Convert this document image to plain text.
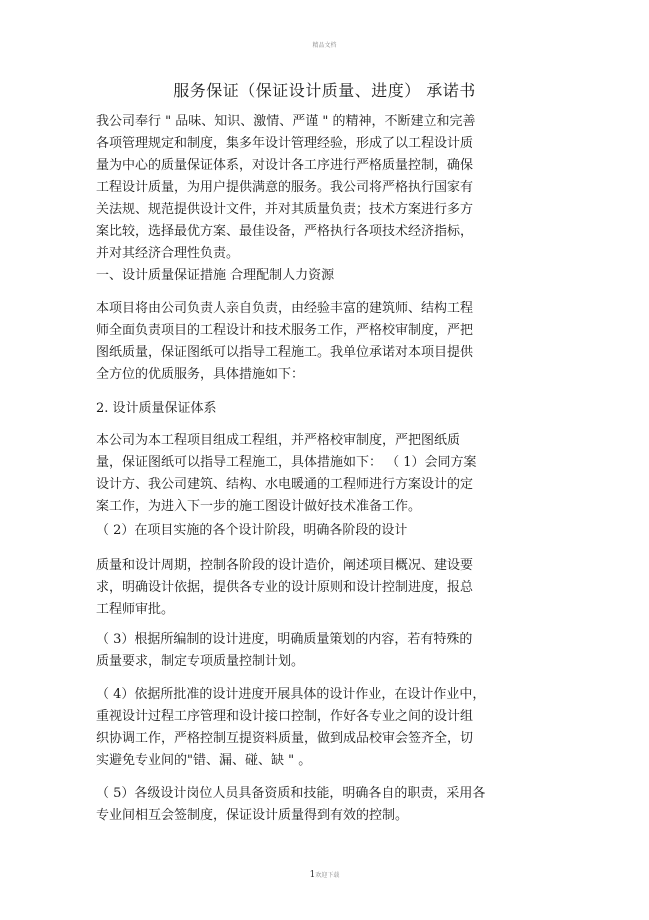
精品文档
服务保证（保证设计质量、进度） 承诺书
我公司奉行 " 品味、知识、激情、严谨 " 的精神，不断建立和完善
各项管理规定和制度，集多年设计管理经验，形成了以工程设计质
量为中心的质量保证体系，对设计各工序进行严格质量控制，确保
工程设计质量，为用户提供满意的服务。我公司将严格执行国家有
关法规、规范提供设计文件，并对其质量负责；技术方案进行多方
案比较，选择最优方案、最佳设备，严格执行各项技术经济指标，
并对其经济合理性负责。
一、设计质量保证措施 合理配制人力资源
本项目将由公司负责人亲自负责，由经验丰富的建筑师、结构工程
师全面负责项目的工程设计和技术服务工作，严格校审制度，严把
图纸质量，保证图纸可以指导工程施工。我单位承诺对本项目提供
全方位的优质服务，具体措施如下：
2. 设计质量保证体系
本公司为本工程项目组成工程组，并严格校审制度，严把图纸质
量，保证图纸可以指导工程施工，具体措施如下： （ 1）会同方案
设计方、我公司建筑、结构、水电暖通的工程师进行方案设计的定
案工作，为进入下一步的施工图设计做好技术准备工作。
（ 2）在项目实施的各个设计阶段，明确各阶段的设计
质量和设计周期，控制各阶段的设计造价，阐述项目概况、建设要
求，明确设计依据，提供各专业的设计原则和设计控制进度，报总
工程师审批。
（ 3）根据所编制的设计进度，明确质量策划的内容，若有特殊的
质量要求，制定专项质量控制计划。
（ 4）依据所批准的设计进度开展具体的设计作业，在设计作业中，
重视设计过程工序管理和设计接口控制，作好各专业之间的设计组
织协调工作，严格控制互提资料质量，做到成品校审会签齐全，切
实避免专业间的"错、漏、碰、缺 " 。
（ 5）各级设计岗位人员具备资质和技能，明确各自的职责，采用各
专业间相互会签制度，保证设计质量得到有效的控制。
1欢迎下载
